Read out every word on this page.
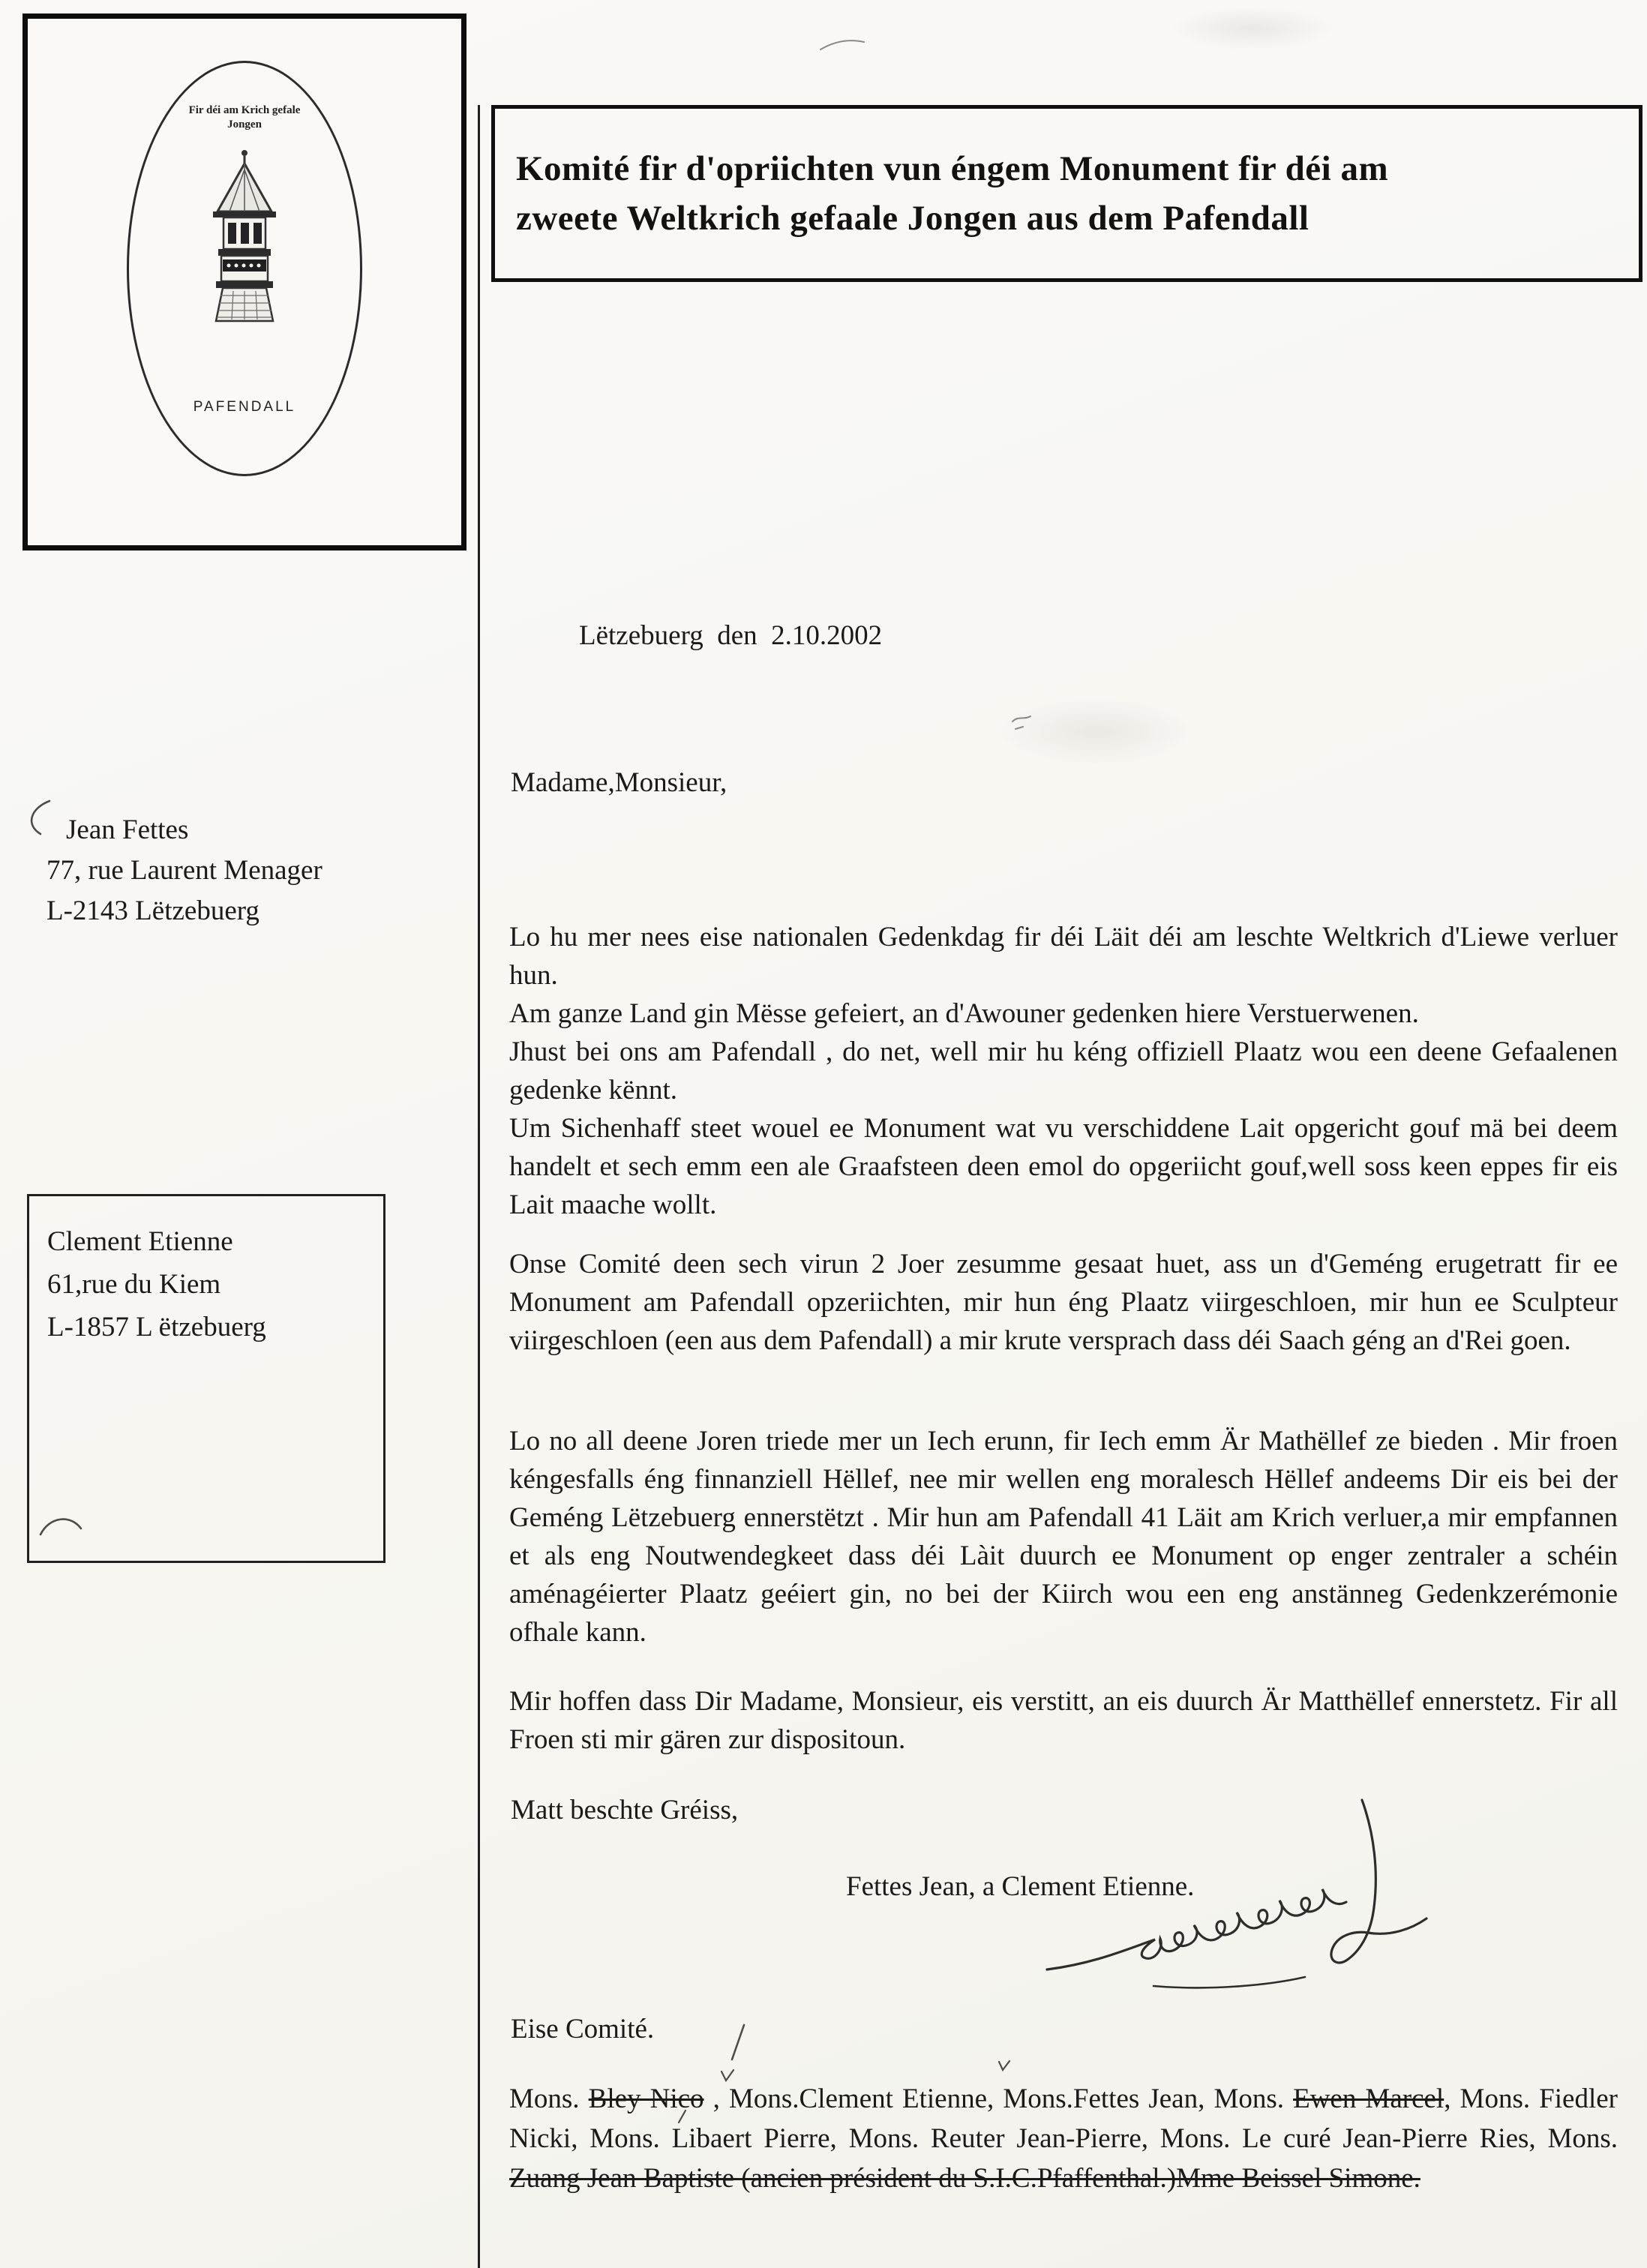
Fir déi am Krich gefale
Jongen
PAFENDALL
Komité fir d'opriichten vun éngem Monument fir déi am
zweete Weltkrich gefaale Jongen aus dem Pafendall
Lëtzebuerg  den  2.10.2002
Madame,Monsieur,
Jean Fettes
77, rue Laurent Menager
L-2143 Lëtzebuerg
Clement Etienne
61,rue du Kiem
L-1857 L ëtzebuerg
Lo hu mer nees eise nationalen Gedenkdag fir déi Läit déi am leschte Weltkrich d'Liewe verluer hun.
Am ganze Land gin Mësse gefeiert, an d'Awouner gedenken hiere Verstuerwenen.
Jhust bei ons am Pafendall , do net, well mir hu kéng offiziell Plaatz wou een deene Gefaalenen gedenke kënnt.
Um Sichenhaff steet wouel ee Monument wat vu verschiddene Lait opgericht gouf mä bei deem handelt et sech emm een ale Graafsteen deen emol do opgeriicht gouf,well soss keen eppes fir eis Lait maache wollt.
Onse Comité deen sech virun 2 Joer zesumme gesaat huet, ass un d'Geméng erugetratt fir ee Monument am Pafendall opzeriichten, mir hun éng Plaatz viirgeschloen, mir hun ee Sculpteur viirgeschloen (een aus dem Pafendall) a mir krute versprach dass déi Saach géng an d'Rei goen.
Lo no all deene Joren triede mer un Iech erunn, fir Iech emm Är Mathëllef ze bieden . Mir froen kéngesfalls éng finnanziell Hëllef, nee mir wellen eng moralesch Hëllef andeems Dir eis bei der Geméng Lëtzebuerg ennerstëtzt . Mir hun am Pafendall 41 Läit am Krich verluer,a mir empfannen et als eng Noutwendegkeet dass déi Làit duurch ee Monument op enger zentraler a schéin aménagéierter Plaatz geéiert gin, no bei der Kiirch wou een eng anstänneg Gedenkzerémonie ofhale kann.
Mir hoffen dass Dir Madame, Monsieur, eis verstitt, an eis duurch Är Matthëllef ennerstetz. Fir all Froen sti mir gären zur dispositoun.
Matt beschte Gréiss,
Fettes Jean, a Clement Etienne.
Eise Comité.
Mons. Bley Nico , Mons.Clement Etienne, Mons.Fettes Jean, Mons. Ewen Marcel, Mons. Fiedler Nicki, Mons. Libaert Pierre, Mons. Reuter Jean-Pierre, Mons. Le curé Jean-Pierre Ries, Mons. Zuang Jean Baptiste (ancien président du S.I.C.Pfaffenthal.)Mme Beissel Simone.
